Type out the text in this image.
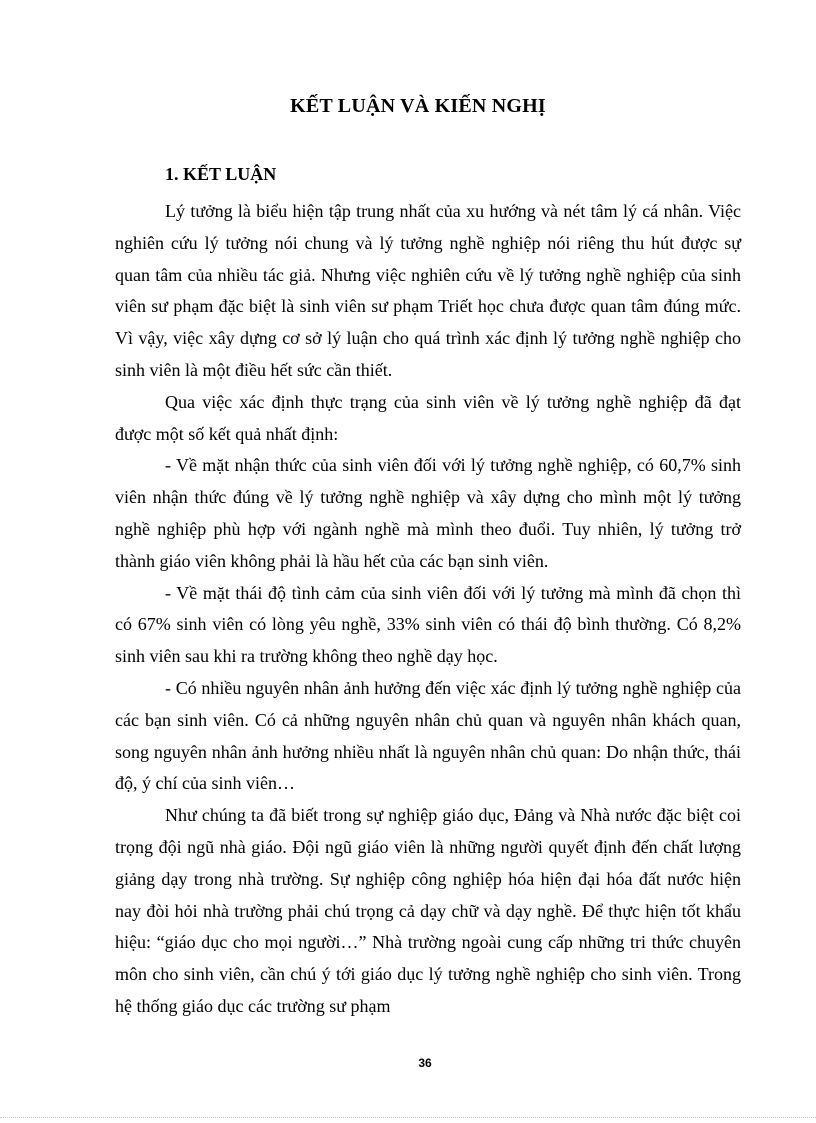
KẾT LUẬN VÀ KIẾN NGHỊ
1. KẾT LUẬN

Lý tưởng là biểu hiện tập trung nhất của xu hướng và nét tâm lý cá nhân. Việc nghiên cứu lý tưởng nói chung và lý tưởng nghề nghiệp nói riêng thu hút được sự quan tâm của nhiều tác giả. Nhưng việc nghiên cứu về lý tưởng nghề nghiệp của sinh viên sư phạm đặc biệt là sinh viên sư phạm Triết học chưa được quan tâm đúng mức. Vì vậy, việc xây dựng cơ sở lý luận cho quá trình xác định lý tưởng nghề nghiệp cho sinh viên là một điều hết sức cần thiết.

Qua việc xác định thực trạng của sinh viên về lý tưởng nghề nghiệp đã đạt được một số kết quả nhất định:

- Về mặt nhận thức của sinh viên đối với lý tưởng nghề nghiệp, có 60,7% sinh viên nhận thức đúng về lý tưởng nghề nghiệp và xây dựng cho mình một lý tưởng nghề nghiệp phù hợp với ngành nghề mà mình theo đuổi. Tuy nhiên, lý tưởng trở thành giáo viên không phải là hầu hết của các bạn sinh viên.

- Về mặt thái độ tình cảm của sinh viên đối với lý tưởng mà mình đã chọn thì có 67% sinh viên có lòng yêu nghề, 33% sinh viên có thái độ bình thường. Có 8,2% sinh viên sau khi ra trường không theo nghề dạy học.

- Có nhiều nguyên nhân ảnh hưởng đến việc xác định lý tưởng nghề nghiệp của các bạn sinh viên. Có cả những nguyên nhân chủ quan và nguyên nhân khách quan, song nguyên nhân ảnh hưởng nhiều nhất là nguyên nhân chủ quan: Do nhận thức, thái độ, ý chí của sinh viên…

Như chúng ta đã biết trong sự nghiệp giáo dục, Đảng và Nhà nước đặc biệt coi trọng đội ngũ nhà giáo. Đội ngũ giáo viên là những người quyết định đến chất lượng giảng dạy trong nhà trường. Sự nghiệp công nghiệp hóa hiện đại hóa đất nước hiện nay đòi hỏi nhà trường phải chú trọng cả dạy chữ và dạy nghề. Để thực hiện tốt khẩu hiệu: “giáo dục cho mọi người…” Nhà trường ngoài cung cấp những tri thức chuyên môn cho sinh viên, cần chú ý tới giáo dục lý tưởng nghề nghiệp cho sinh viên. Trong hệ thống giáo dục các trường sư phạm

36
